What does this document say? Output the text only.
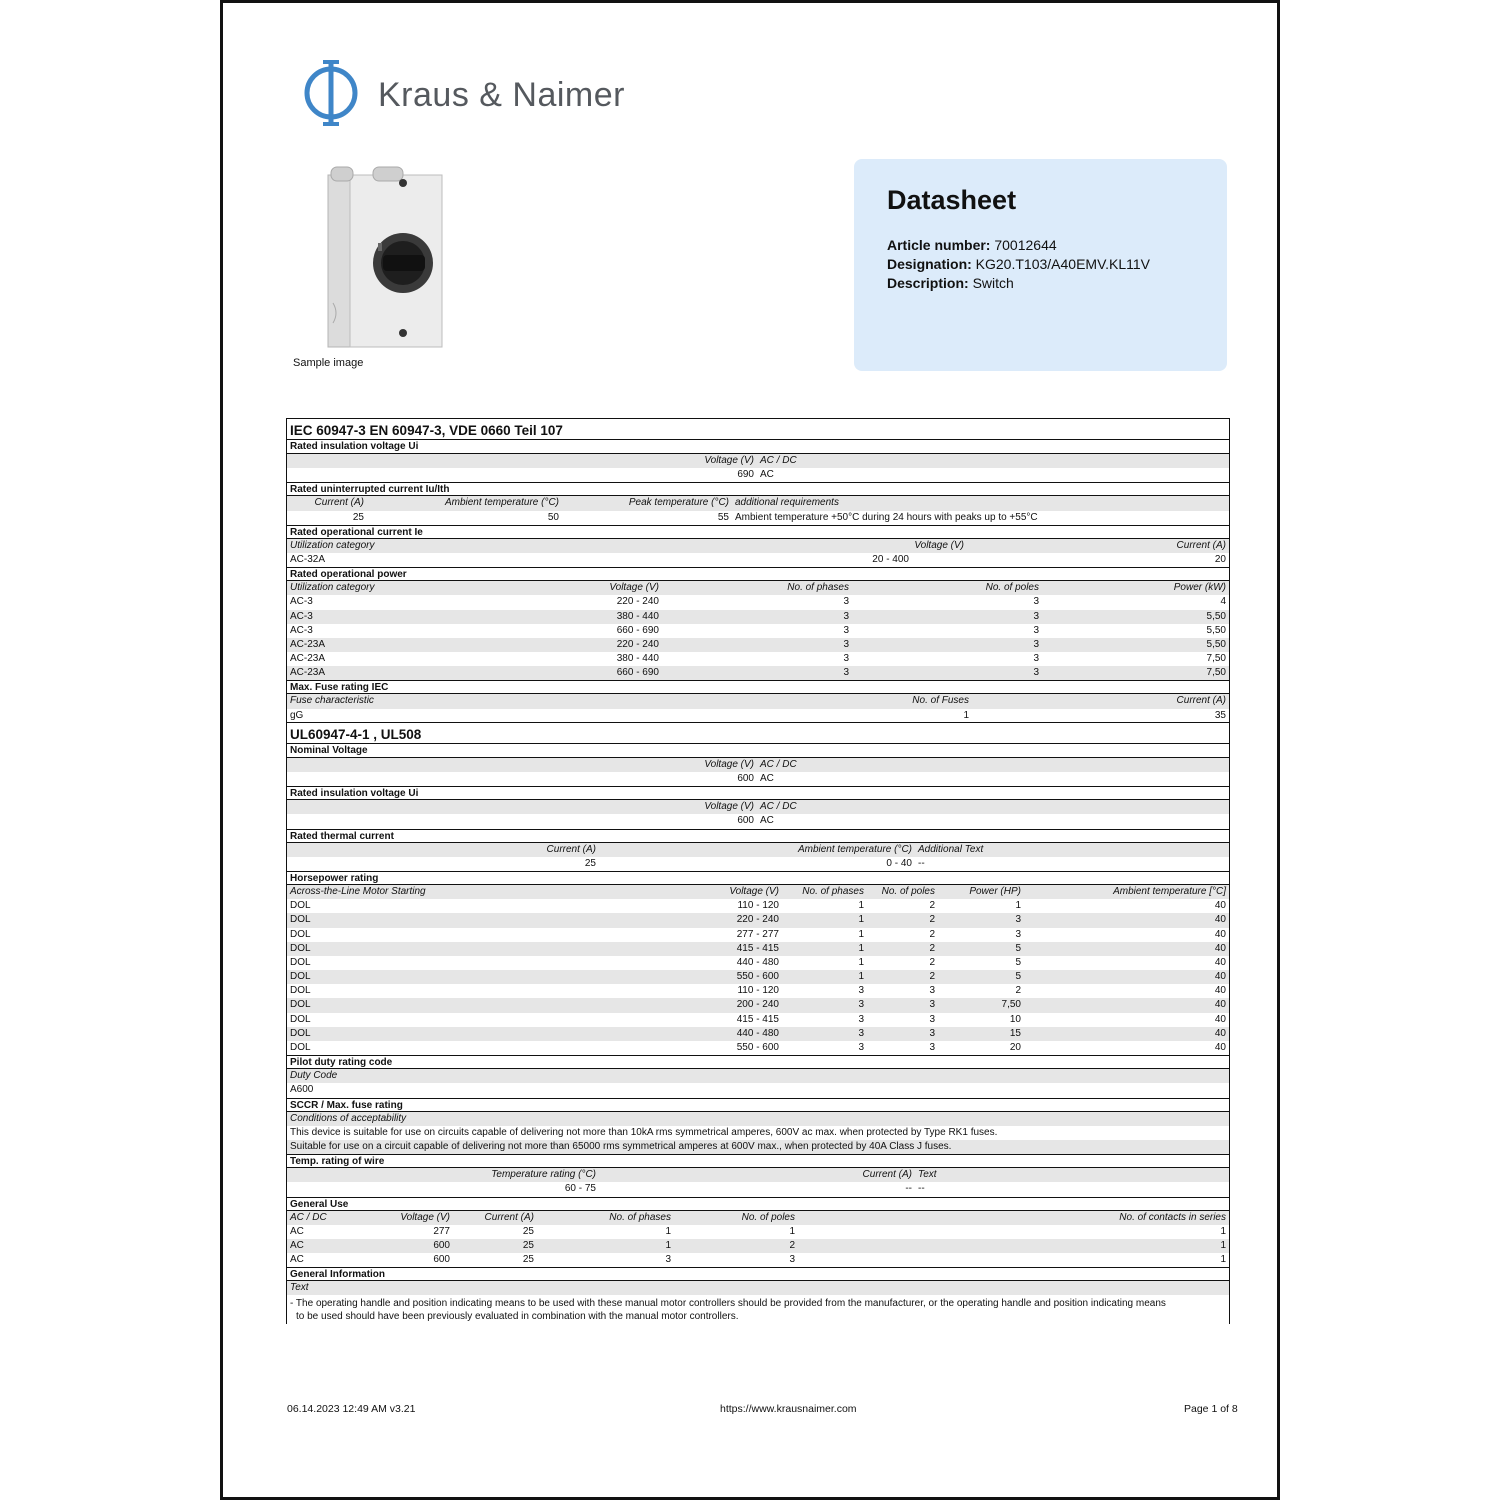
Kraus & Naimer
Sample image
Datasheet
Article number: 70012644
Designation: KG20.T103/A40EMV.KL11V
Description: Switch
IEC 60947-3 EN 60947-3, VDE 0660 Teil 107
Rated insulation voltage Ui
Voltage (V) AC / DC
690 AC
Rated uninterrupted current Iu/Ith
Current (A)	Ambient temperature (°C)	Peak temperature (°C) additional requirements
25	50	55 Ambient temperature +50°C during 24 hours with peaks up to +55°C
Rated operational current Ie
Utilization category	Voltage (V)	Current (A)
AC-32A	20 - 400	20
Rated operational power
Utilization category	Voltage (V)	No. of phases	No. of poles	Power (kW)
AC-3	220 - 240	3	3	4
AC-3	380 - 440	3	3	5,50
AC-3	660 - 690	3	3	5,50
AC-23A	220 - 240	3	3	5,50
AC-23A	380 - 440	3	3	7,50
AC-23A	660 - 690	3	3	7,50
Max. Fuse rating IEC
Fuse characteristic	No. of Fuses	Current (A)
gG	1	35
UL60947-4-1 , UL508
Nominal Voltage
Voltage (V) AC / DC
600 AC
Rated insulation voltage Ui
Voltage (V) AC / DC
600 AC
Rated thermal current
Current (A)	Ambient temperature (°C) Additional Text
25	0 - 40 --
Horsepower rating
Across-the-Line Motor Starting	Voltage (V)	No. of phases	No. of poles	Power (HP)	Ambient temperature [°C]
DOL	110 - 120	1	2	1	40
DOL	220 - 240	1	2	3	40
DOL	277 - 277	1	2	3	40
DOL	415 - 415	1	2	5	40
DOL	440 - 480	1	2	5	40
DOL	550 - 600	1	2	5	40
DOL	110 - 120	3	3	2	40
DOL	200 - 240	3	3	7,50	40
DOL	415 - 415	3	3	10	40
DOL	440 - 480	3	3	15	40
DOL	550 - 600	3	3	20	40
Pilot duty rating code
Duty Code
A600
SCCR / Max. fuse rating
Conditions of acceptability
This device is suitable for use on circuits capable of delivering not more than 10kA rms symmetrical amperes, 600V ac max. when protected by Type RK1 fuses.
Suitable for use on a circuit capable of delivering not more than 65000 rms symmetrical amperes at 600V max., when protected by 40A Class J fuses.
Temp. rating of wire
Temperature rating (°C)	Current (A) Text
60 - 75	-- --
General Use
AC / DC	Voltage (V)	Current (A)	No. of phases	No. of poles	No. of contacts in series
AC	277	25	1	1	1
AC	600	25	1	2	1
AC	600	25	3	3	1
General Information
Text
- The operating handle and position indicating means to be used with these manual motor controllers should be provided from the manufacturer, or the operating handle and position indicating means
to be used should have been previously evaluated in combination with the manual motor controllers.
06.14.2023 12:49 AM v3.21	https://www.krausnaimer.com	Page 1 of 8
